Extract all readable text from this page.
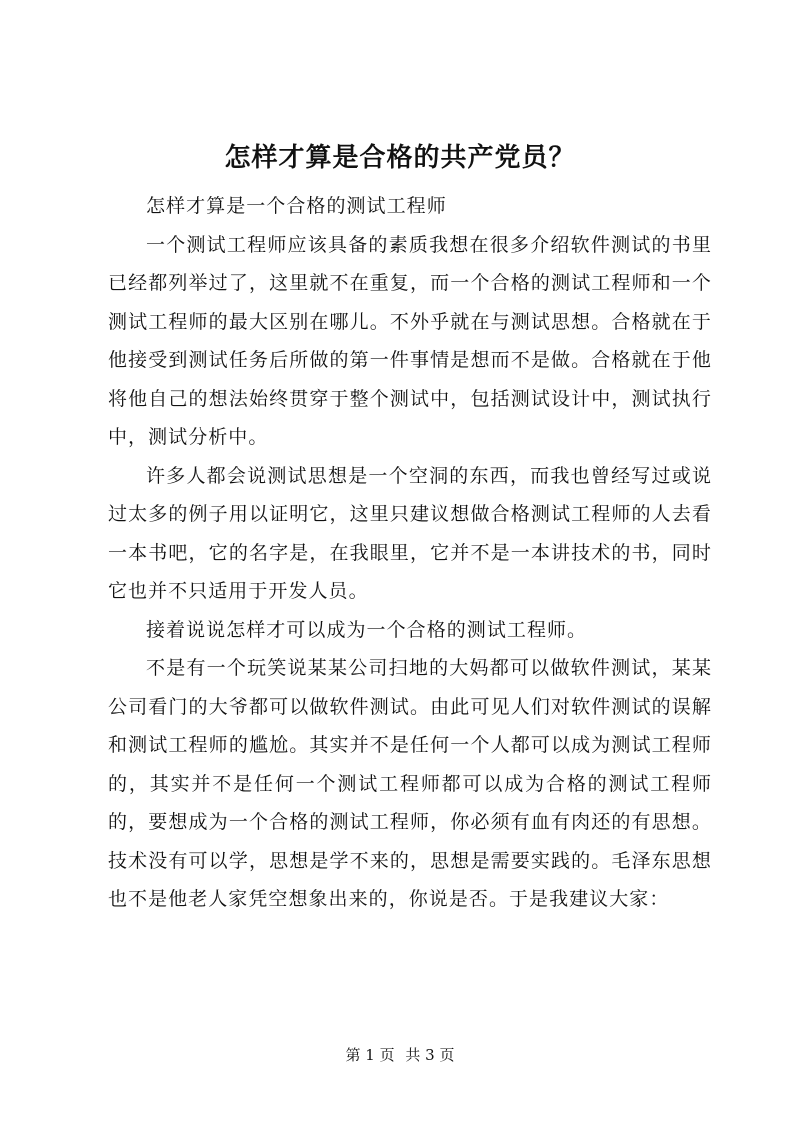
怎样才算是合格的共产党员？

怎样才算是一个合格的测试工程师

一个测试工程师应该具备的素质我想在很多介绍软件测试的书里已经都列举过了，这里就不在重复，而一个合格的测试工程师和一个测试工程师的最大区别在哪儿。不外乎就在与测试思想。合格就在于他接受到测试任务后所做的第一件事情是想而不是做。合格就在于他将他自己的想法始终贯穿于整个测试中，包括测试设计中，测试执行中，测试分析中。

许多人都会说测试思想是一个空洞的东西，而我也曾经写过或说过太多的例子用以证明它，这里只建议想做合格测试工程师的人去看一本书吧，它的名字是，在我眼里，它并不是一本讲技术的书，同时它也并不只适用于开发人员。

接着说说怎样才可以成为一个合格的测试工程师。

不是有一个玩笑说某某公司扫地的大妈都可以做软件测试，某某公司看门的大爷都可以做软件测试。由此可见人们对软件测试的误解和测试工程师的尴尬。其实并不是任何一个人都可以成为测试工程师的，其实并不是任何一个测试工程师都可以成为合格的测试工程师的，要想成为一个合格的测试工程师，你必须有血有肉还的有思想。技术没有可以学，思想是学不来的，思想是需要实践的。毛泽东思想也不是他老人家凭空想象出来的，你说是否。于是我建议大家：

第 1 页 共 3 页
